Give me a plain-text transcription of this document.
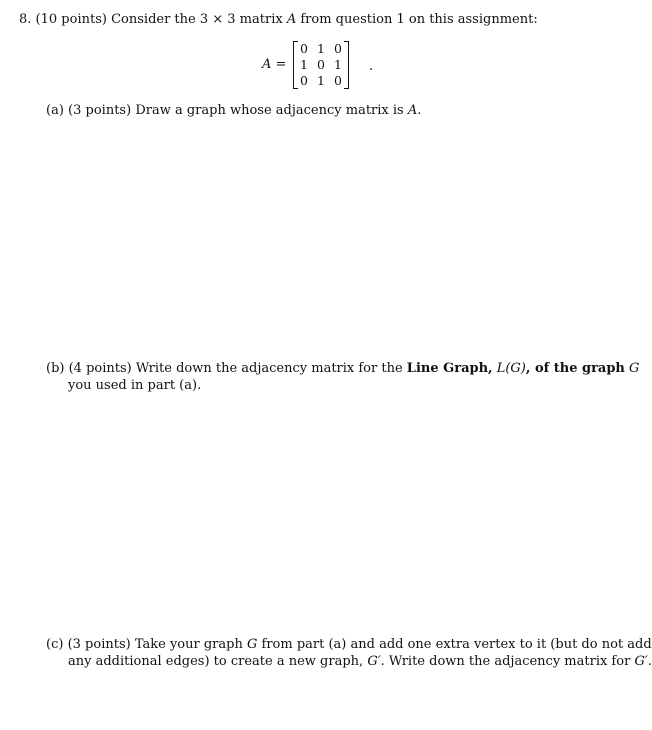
8. (10 points) Consider the 3 × 3 matrix A from question 1 on this assignment:
A =
0 1 0
1 0 1
0 1 0
.
(a) (3 points) Draw a graph whose adjacency matrix is A.
(b) (4 points) Write down the adjacency matrix for the Line Graph, L(G), of the graph G
you used in part (a).
(c) (3 points) Take your graph G from part (a) and add one extra vertex to it (but do not add
any additional edges) to create a new graph, G′. Write down the adjacency matrix for G′.
